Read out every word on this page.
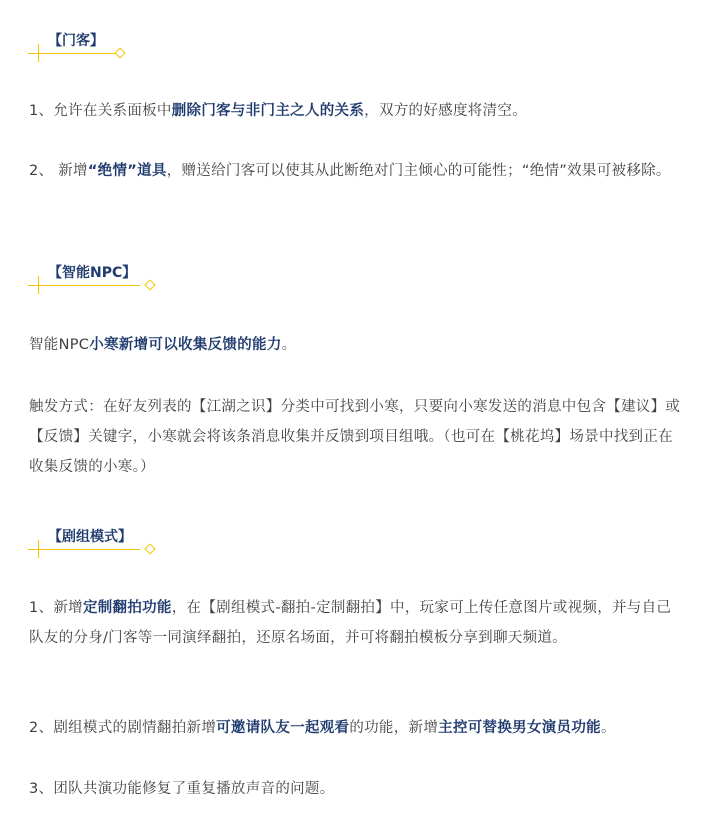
【门客】

1、允许在关系面板中删除门客与非门主之人的关系，双方的好感度将清空。

2、 新增“绝情”道具，赠送给门客可以使其从此断绝对门主倾心的可能性；“绝情”效果可被移除。

【智能NPC】

智能NPC小寒新增可以收集反馈的能力。

触发方式：在好友列表的【江湖之识】分类中可找到小寒，只要向小寒发送的消息中包含【建议】或【反馈】关键字，小寒就会将该条消息收集并反馈到项目组哦。（也可在【桃花坞】场景中找到正在收集反馈的小寒。）

【剧组模式】

1、新增定制翻拍功能，在【剧组模式-翻拍-定制翻拍】中，玩家可上传任意图片或视频，并与自己队友的分身/门客等一同演绎翻拍，还原名场面，并可将翻拍模板分享到聊天频道。

2、剧组模式的剧情翻拍新增可邀请队友一起观看的功能，新增主控可替换男女演员功能。

3、团队共演功能修复了重复播放声音的问题。
